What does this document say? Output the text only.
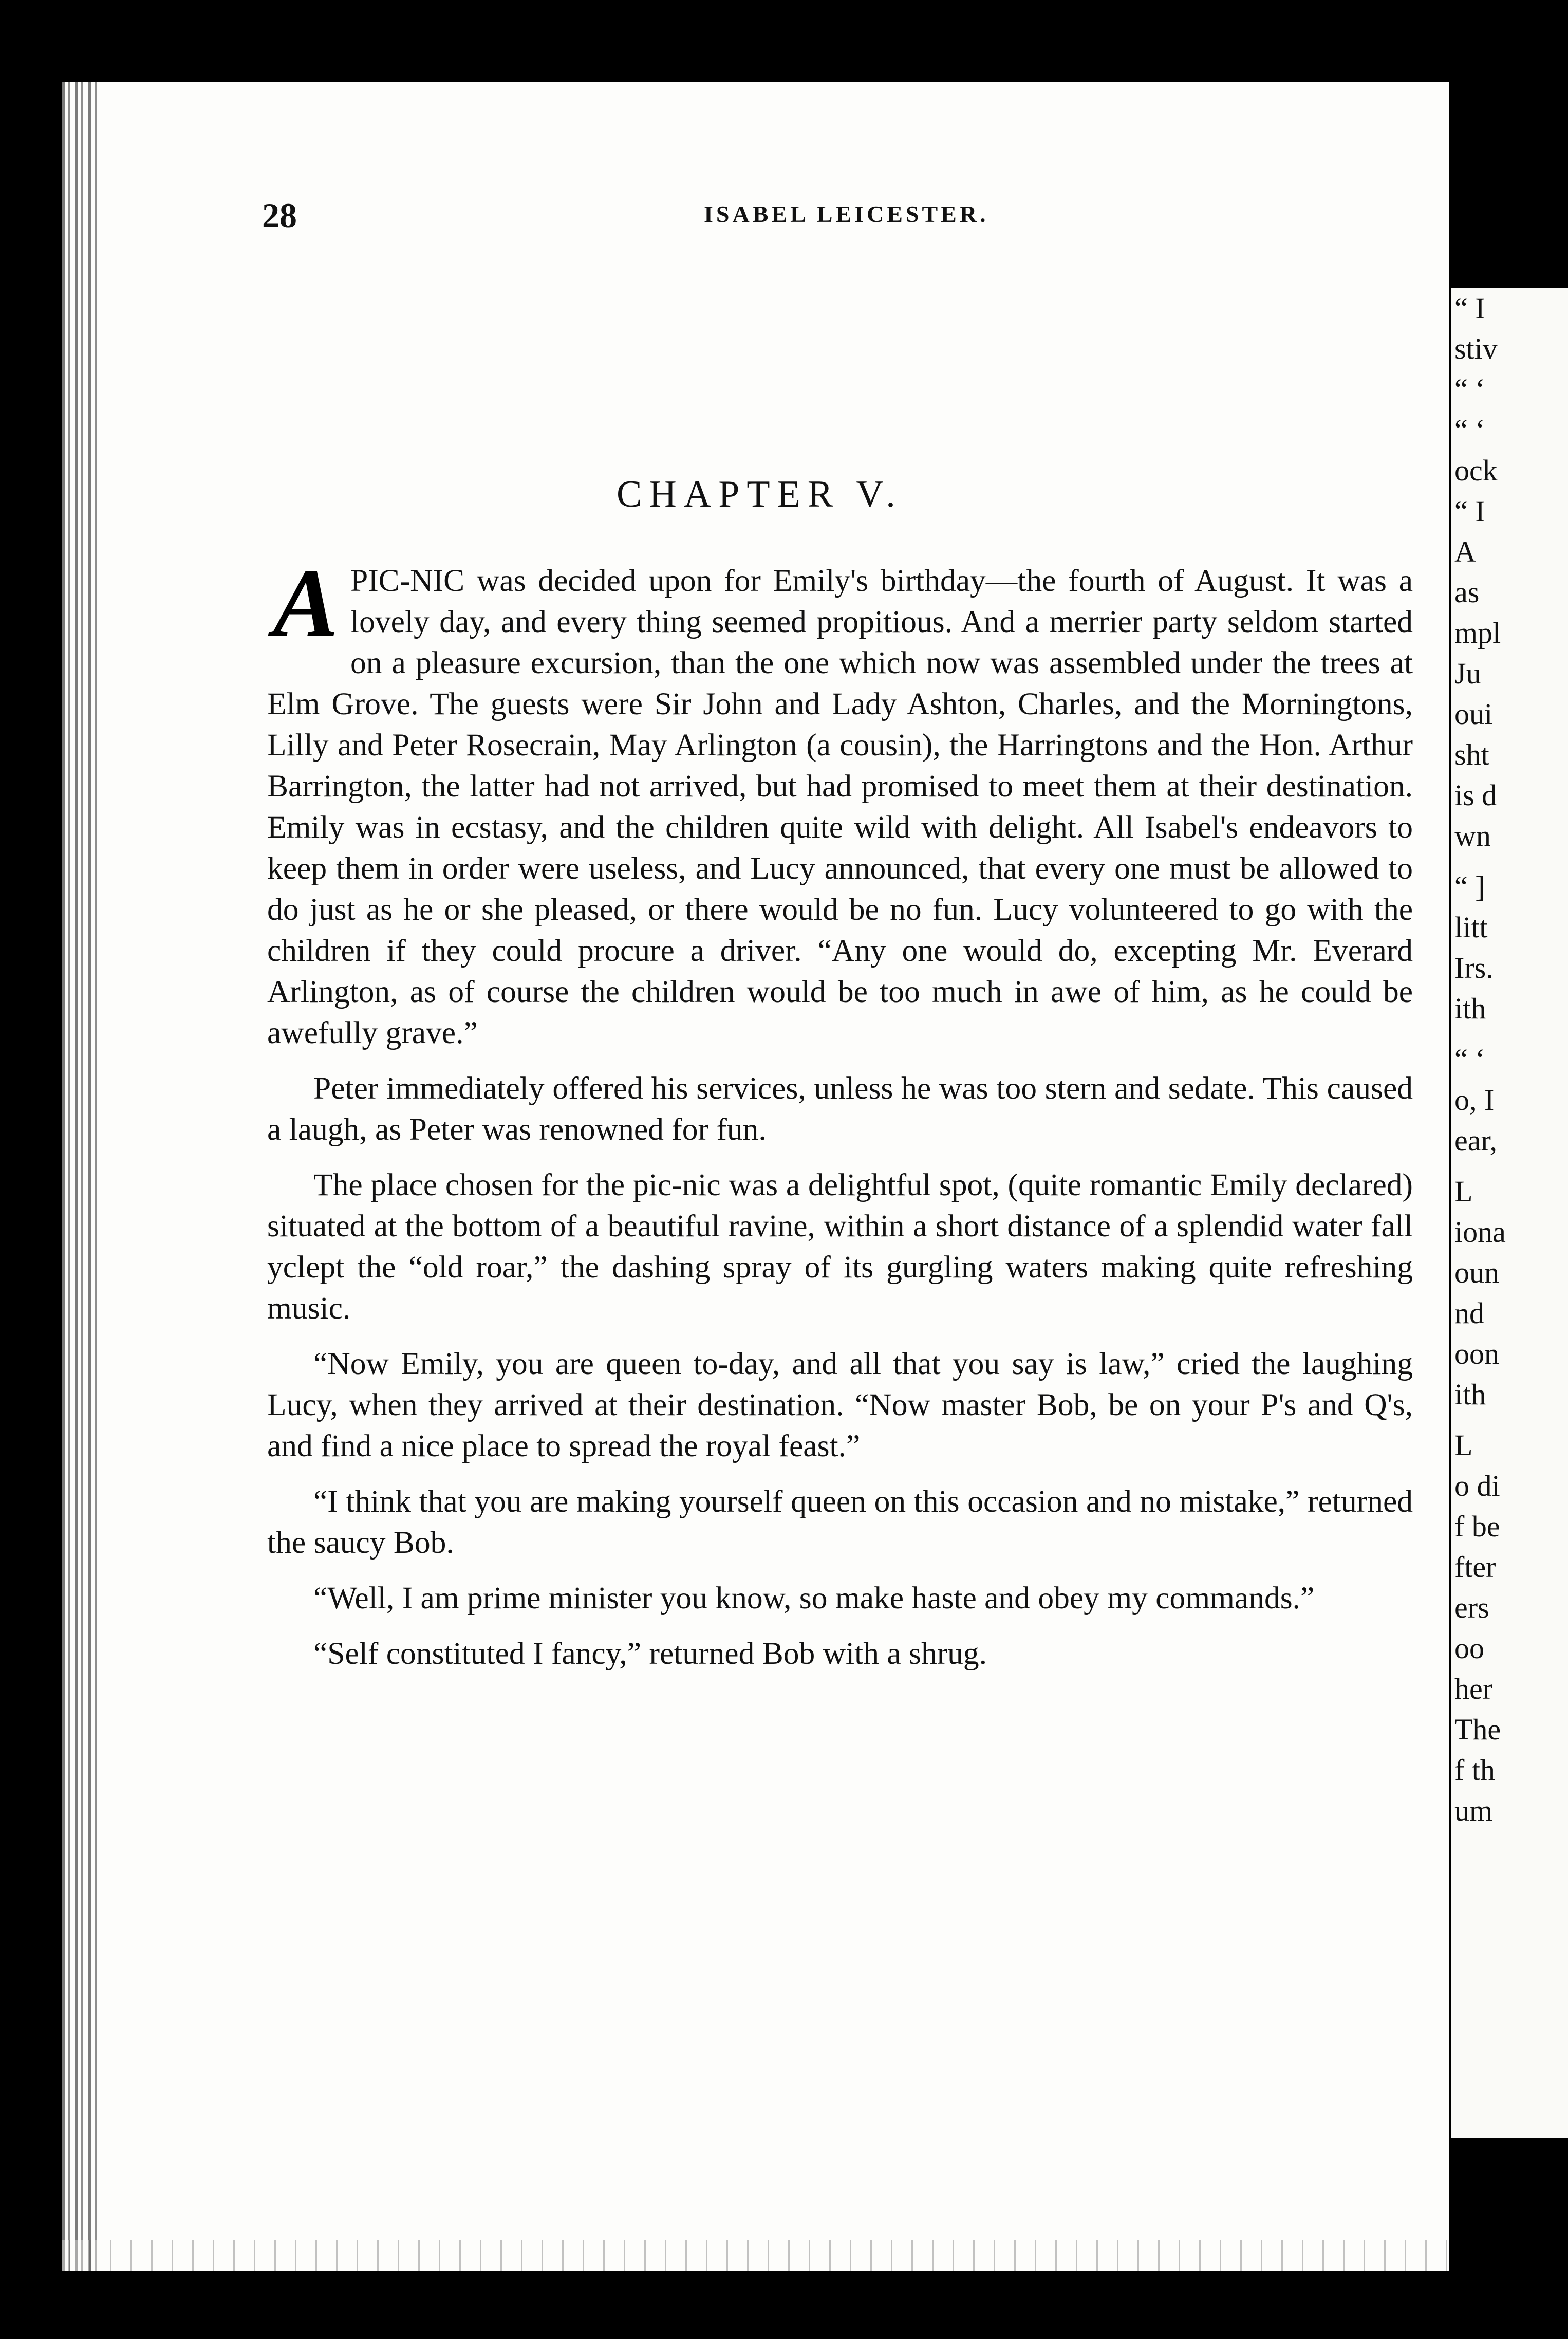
28	ISABEL LEICESTER.
CHAPTER V.

APIC-NIC was decided upon for Emily's birthday—the fourth of August. It was a lovely day, and every thing seemed propitious. And a merrier party seldom started on a pleasure excursion, than the one which now was assembled under the trees at Elm Grove. The guests were Sir John and Lady Ashton, Charles, and the Morningtons, Lilly and Peter Rosecrain, May Arlington (a cousin), the Harringtons and the Hon. Arthur Barrington, the latter had not arrived, but had promised to meet them at their destination. Emily was in ecstasy, and the children quite wild with delight. All Isabel's endeavors to keep them in order were useless, and Lucy announced, that every one must be allowed to do just as he or she pleased, or there would be no fun. Lucy volunteered to go with the children if they could procure a driver. “Any one would do, excepting Mr. Everard Arlington, as of course the children would be too much in awe of him, as he could be awefully grave.”

Peter immediately offered his services, unless he was too stern and sedate. This caused a laugh, as Peter was renowned for fun.

The place chosen for the pic-nic was a delightful spot, (quite romantic Emily declared) situated at the bottom of a beautiful ravine, within a short distance of a splendid water fall yclept the “old roar,” the dashing spray of its gurgling waters making quite refreshing music.

“Now Emily, you are queen to-day, and all that you say is law,” cried the laughing Lucy, when they arrived at their destination. “Now master Bob, be on your P's and Q's, and find a nice place to spread the royal feast.”

“I think that you are making yourself queen on this occasion and no mistake,” returned the saucy Bob.

“Well, I am prime minister you know, so make haste and obey my commands.”

“Self constituted I fancy,” returned Bob with a shrug.

“ I
stiv
“ ‘
“ ‘
ock
“ I
A
as
mpl
Ju
oui
sht
is d
wn
“ ]
litt
Irs.
ith
“ ‘
o, I
ear,
L
iona
oun
nd
oon
ith
L
o di
f be
fter
ers
oo
her
The
f th
um
